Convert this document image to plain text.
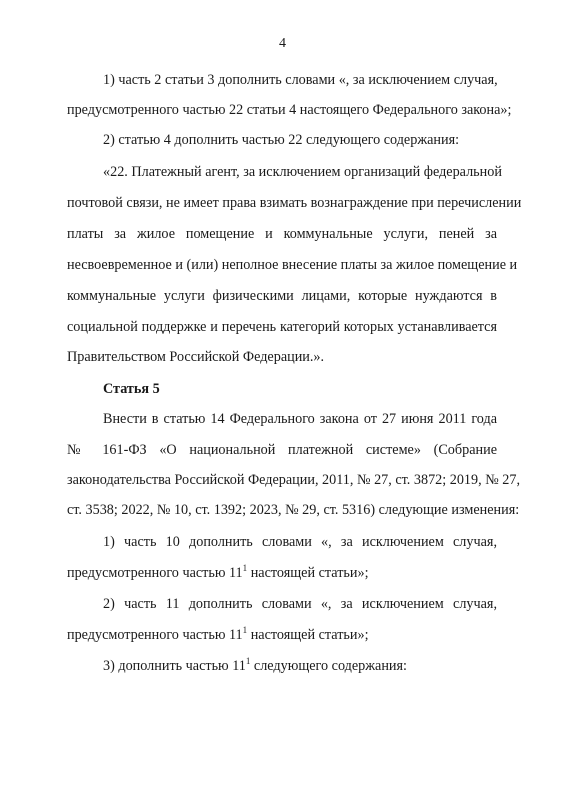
4
1) часть 2 статьи 3 дополнить словами «, за исключением случая,
предусмотренного частью 22 статьи 4 настоящего Федерального закона»;
2) статью 4 дополнить частью 22 следующего содержания:
«22. Платежный агент, за исключением организаций федеральной
почтовой связи, не имеет права взимать вознаграждение при перечислении
платы за жилое помещение и коммунальные услуги, пеней за
несвоевременное и (или) неполное внесение платы за жилое помещение и
коммунальные услуги физическими лицами, которые нуждаются в
социальной поддержке и перечень категорий которых устанавливается
Правительством Российской Федерации.».
Статья 5
Внести в статью 14 Федерального закона от 27 июня 2011 года
№ 161-ФЗ «О национальной платежной системе» (Собрание
законодательства Российской Федерации, 2011, № 27, ст. 3872; 2019, № 27,
ст. 3538; 2022, № 10, ст. 1392; 2023, № 29, ст. 5316) следующие изменения:
1) часть 10 дополнить словами «, за исключением случая,
предусмотренного частью $11^1$ настоящей статьи»;
2) часть 11 дополнить словами «, за исключением случая,
предусмотренного частью $11^1$ настоящей статьи»;
3) дополнить частью $11^1$ следующего содержания:
